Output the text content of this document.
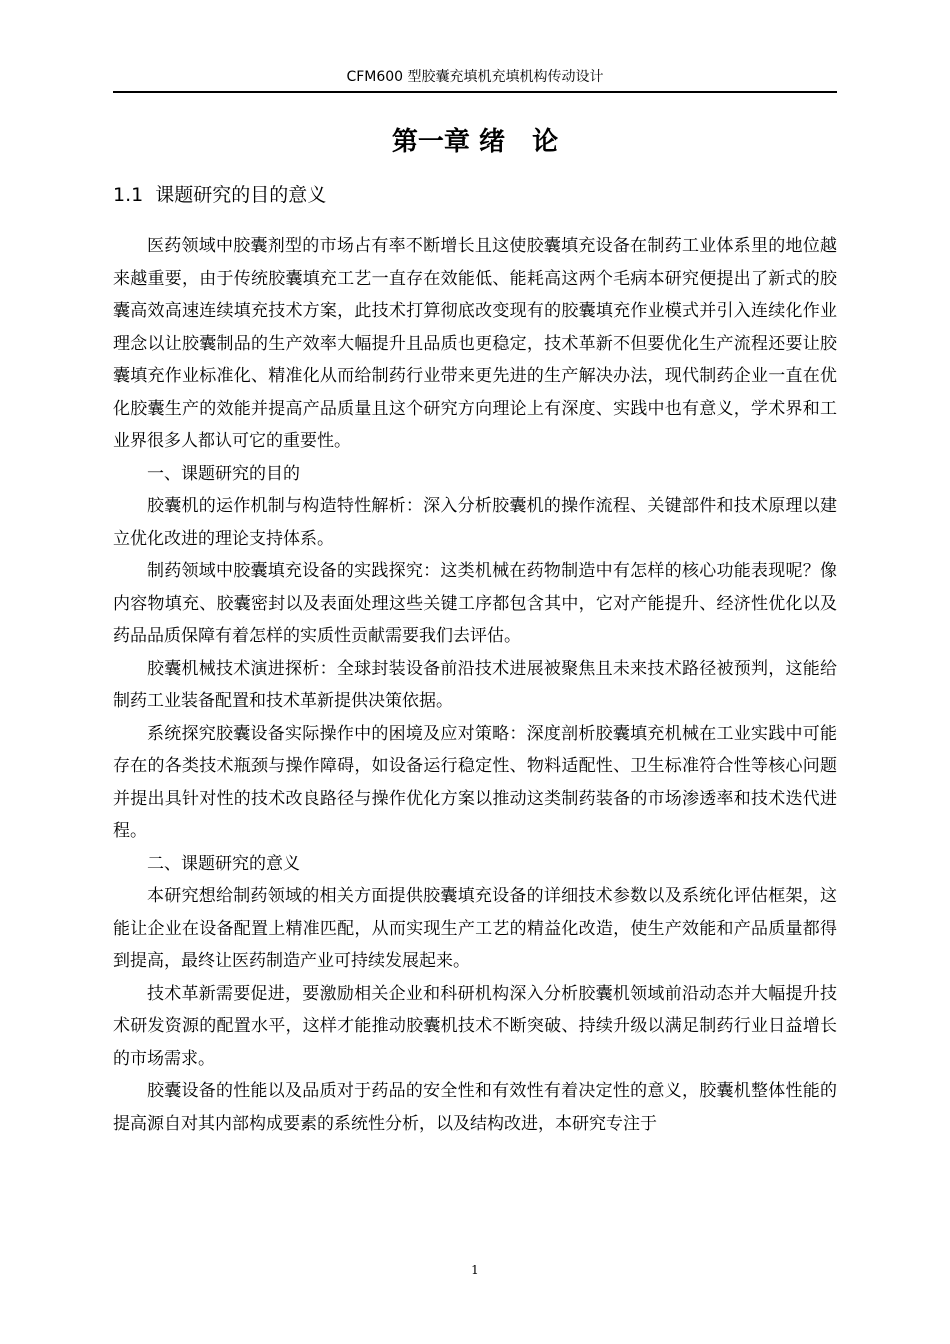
CFM600 型胶囊充填机充填机构传动设计
第一章 绪   论
1.1  课题研究的目的意义

医药领域中胶囊剂型的市场占有率不断增长且这使胶囊填充设备在制药工业体系里的地位越来越重要，由于传统胶囊填充工艺一直存在效能低、能耗高这两个毛病本研究便提出了新式的胶囊高效高速连续填充技术方案，此技术打算彻底改变现有的胶囊填充作业模式并引入连续化作业理念以让胶囊制品的生产效率大幅提升且品质也更稳定，技术革新不但要优化生产流程还要让胶囊填充作业标准化、精准化从而给制药行业带来更先进的生产解决办法，现代制药企业一直在优化胶囊生产的效能并提高产品质量且这个研究方向理论上有深度、实践中也有意义，学术界和工业界很多人都认可它的重要性。

一、课题研究的目的

胶囊机的运作机制与构造特性解析：深入分析胶囊机的操作流程、关键部件和技术原理以建立优化改进的理论支持体系。

制药领域中胶囊填充设备的实践探究：这类机械在药物制造中有怎样的核心功能表现呢？像内容物填充、胶囊密封以及表面处理这些关键工序都包含其中，它对产能提升、经济性优化以及药品品质保障有着怎样的实质性贡献需要我们去评估。

胶囊机械技术演进探析：全球封装设备前沿技术进展被聚焦且未来技术路径被预判，这能给制药工业装备配置和技术革新提供决策依据。

系统探究胶囊设备实际操作中的困境及应对策略：深度剖析胶囊填充机械在工业实践中可能存在的各类技术瓶颈与操作障碍，如设备运行稳定性、物料适配性、卫生标准符合性等核心问题并提出具针对性的技术改良路径与操作优化方案以推动这类制药装备的市场渗透率和技术迭代进程。

二、课题研究的意义

本研究想给制药领域的相关方面提供胶囊填充设备的详细技术参数以及系统化评估框架，这能让企业在设备配置上精准匹配，从而实现生产工艺的精益化改造，使生产效能和产品质量都得到提高，最终让医药制造产业可持续发展起来。

技术革新需要促进，要激励相关企业和科研机构深入分析胶囊机领域前沿动态并大幅提升技术研发资源的配置水平，这样才能推动胶囊机技术不断突破、持续升级以满足制药行业日益增长的市场需求。

胶囊设备的性能以及品质对于药品的安全性和有效性有着决定性的意义，胶囊机整体性能的提高源自对其内部构成要素的系统性分析，以及结构改进，本研究专注于

1
